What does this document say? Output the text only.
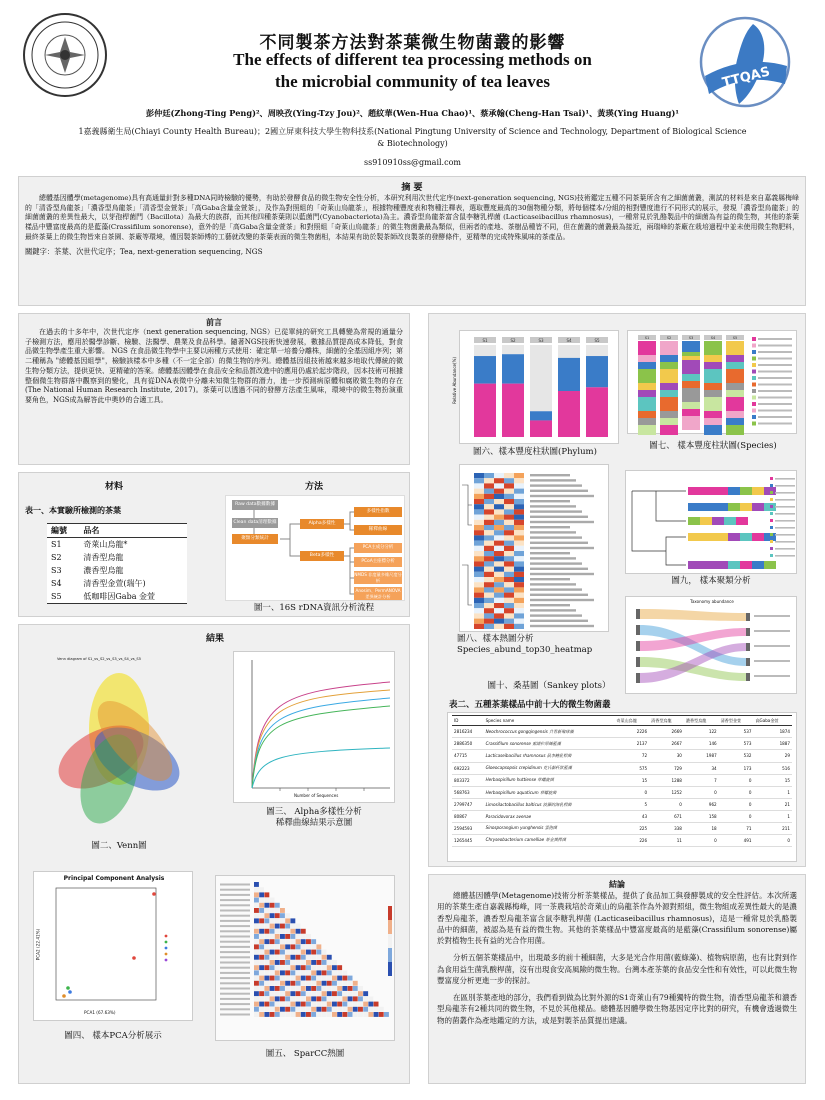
TTQAS
不同製茶方法對茶葉微生物菌叢的影響
The effects of different tea processing methods on
the microbial community of tea leaves
彭仲廷(Zhong-Ting Peng)²、周映孜(Ying-Tzy Jou)²、趙紋華(Wen-Hua Chao)¹、蔡承翰(Cheng-Han Tsai)¹、黃瑛(Ying Huang)¹
1嘉義縣衛生局(Chiayi County Health Bureau)；2國立屏東科技大學生物科技系(National Pingtung University of Science and Technology, Department of Biological Science
& Biotechnology)
ss910910ss@gmail.com
摘 要
總體基因體學(metagenome)具有高通量針對多種DNA同時檢驗的優勢，有助於發酵食品的微生物安全性分析，本研究利用次世代定序(next-generation sequencing, NGS)技術鑑定五種不同茶葉所含有之細菌菌叢，測試的材料是來自嘉義縣梅峰的「清香型烏龍茶」「濃香型烏龍茶」「清香型金萱茶」「高Gaba含量金萱茶」，及作為對照組的「奇萊山烏龍茶」，根據物種豐度表和物種注釋表，選取豐度最高的30個物種分類，將每個樣本/分組的相對豐度進行不同形式的展示，發現「濃香型烏龍茶」的細菌菌叢的差異性最大，以芽孢桿菌門（Bacillota）為最大的族群，而其他四種茶葉則以藍菌門(Cyanobacteriota)為主。濃香型烏龍茶富含鼠李糖乳桿菌 (Lacticaseibacillus rhamnosus)，一種常見於乳酪製品中的細菌為有益的微生物，其他的茶葉樣品中豐富度最高的是藍藻(Crassifilum sonorense)，意外的是「高Gaba含量金萱茶」和對照組「奇萊山烏龍茶」的微生物菌叢最為類似，但兩者的產地、茶樹品種皆不同，但在菌叢的菌叢最為接近，兩瑞峰的茶廠在栽培過程中並未使用微生物肥料，最終茶葉上的微生物皆來自茶園、茶廠等環境，僅因製茶師傅的工藝就改變的茶葉表面的微生物菌相，本結果有助於製茶師改良製茶的發酵條件，更精準的完成特殊風味的茶產品。
關鍵字：茶葉、次世代定序；Tea, next-generation sequencing, NGS
前言
在過去的十多年中，次世代定序（next generation sequencing, NGS）已從單純的研究工具轉變為常規的通量分子檢測方法，應用於醫學診斷、檢驗、法醫學、農業及食品科學。隨著NGS技術快速發展，數據品質提高成本降低，對食品微生物學產生重大影響。 NGS 在食品微生物學中主要以兩種方式使用：確定單一培養分離株，細菌的全基因組序列；第二種稱為 "總體基因組學"，檢驗該樣本中多種（不一定全部）的微生物的序列。總體基因組技術越來越多地取代傳統的微生物分類方法，提供更快、更精確的答案。總體基因體學在食品安全和品質改進中的應用仍處於起步階段，因本技術可根據整個微生物群落中觀察到的變化，具有從DNA表徵中分離未知微生物群的潛力，進一步預測病原體和腐敗微生物的存在(The National Human Research Institute, 2017)。茶葉可以透過不同的發酵方法產生風味，環境中的微生物扮演重要角色，NGS成為解答此中奧妙的合適工具。
材料
表一、本實驗所檢測的茶葉
編號	品名
S1	奇萊山烏龍*
S2	清香型烏龍
S3	濃香型烏龍
S4	清香型金萱(瑞午)
S5	低咖啡因Gaba 金萱
方法
Raw data數據數據
Clean data清理數據
聚類分類統計
Alpha多樣性
Beta多樣性
多樣性指數
稀釋曲線
PCA主成分分析
PCoA主座標分析
NMDS 非度量多維尺度分析
Anosim、PermANOVA 差異統計分析
圖一、16S rDNA資訊分析流程
結果
Venn diagram of S1_vs_S2_vs_S3_vs_S4_vs_S5
圖二、Venn圖
Number of Sequences
圖三、 Alpha多樣性分析
稀釋曲線結果示意圖
Principal Component Analysis
PCA1 (67.63%)
PCA2 (22.41%)
圖四、 樣本PCA分析展示
圖五、 SparCC熱圖
S1	S2	S3	S4	S5
Relative Abundance(%)
圖六、樣本豐度柱狀圖(Phylum)
S1	S2	S3	S4	S5
圖七、 樣本豐度柱狀圖(Species)
圖八、樣本熱圖分析
Species_abund_top30_heatmap
圖九， 樣本聚類分析
Taxonomy abundance
圖十、桑基圖（Sankey plots）
表二、五種茶葉樣品中前十大的微生物菌叢
ID	Species name	奇萊山烏龍	清香型烏龍	濃香型烏龍	清香型金萱	高Gaba金萱
2816234	Neochrococcus gongqingensis 共青新聚球藻	2226	2669	122	537	1874
2886350	Crassifilum sonorense 索諾拉厚絲藍藻	2137	2667	146	573	1887
47715	Lacticaseibacillus rhamnosus 鼠李糖乳桿菌	72	30	1987	532	29
692223	Gloeocapsopsis crepidinum 克氏黏杆狀藍藻	575	729	34	173	516
803372	Herbaspirillum huttiense 草螺旋菌	15	1288	7	0	15
568763	Herbaspirillum aquaticum 草螺旋菌	0	1252	0	0	1
2799747	Limosilactobacillus balticus 波羅的海乳桿菌	5	0	962	0	21
80867	Paracidovorax avenae	43	671	158	0	1
2594593	Sinosporangium yunghensis 雲孢菌	225	338	18	71	211
1265445	Chryseobacterium camelliae 茶金黃桿菌	226	11	0	491	0
結論
總體基因體學(Metagenome)技術分析茶葉樣品，提供了食品加工與發酵製成的安全性評估。本次所選用的茶葉生產自嘉義縣梅峰，同一茶農栽培於奇萊山的烏龍茶作為外源對照組，微生物組成差異性最大的是濃香型烏龍茶，濃香型烏龍茶富含鼠李糖乳桿菌 (Lacticaseibacillus rhamnosus)，這是一種常見於乳酪製品中的細菌，被認為是有益的微生物。其他的茶葉樣品中豐富度最高的是藍藻(Crassifilum sonorense)屬於對植物生長有益的光合作用菌。
分析五個茶葉樣品中，出現最多的前十種細菌，大多是光合作用菌(藍綠藻)、植物病原菌，也有比對到作為食用益生菌乳酸桿菌，沒有出現食安高風險的微生物。台灣本產茶葉的食品安全性和有效性，可以此微生物豐富度分析更進一步的探討。
在區別茶葉產地的部分，我們看到做為比對外源的S1奇萊山有79種獨特的微生物，清香型烏龍茶和濃香型烏龍茶有2種共同的微生物，不見於其他樣品。總體基因體學微生物基因定序比對的研究，有機會透過微生物的菌叢作為產地鑑定的方法，或是對製茶品質提出建議。
